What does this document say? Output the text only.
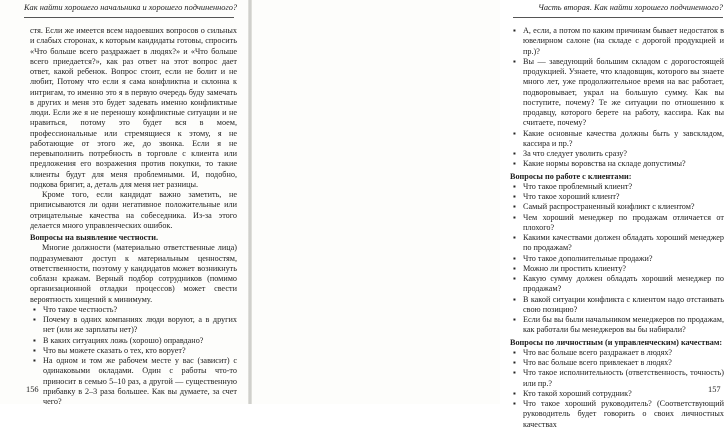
Как найти хорошего начальника и хорошего подчиненного?

стя. Если же имеется всем надоевших вопросов о сильных и слабых сторонах, к которым кандидаты готовы, спросить «Что больше всего раздражает в людях?» и «Что больше всего приедается?», как раз ответ на этот вопрос дает ответ, какой ребенок. Вопрос стоит, если не болит и не любит, Потому что если я сама конфликтна и склонна к интригам, то именно это я в первую очередь буду замечать в других и меня это будет задевать именно конфликтные люди. Если же я не переношу конфликтные ситуации и не нравиться, потому это будет вся в моем, профессиональные или стремящиеся к этому, я не работающие от этого же, до звонка. Если я не перевыполнить потребность в торговле с клиента или предложения его возражения против покупки, то такие клиенты будут для меня проблемными. И, подобно, подкова бригит, а, деталь для меня нет разницы.

Кроме того, если кандидат важно заметить, не приписываются ли одни негативное положительные или отрицательные качества на собеседника. Из-за этого делается много управленческих ошибок.

Вопросы на выявление честности.

Многие должности (материально ответственные лица) подразумевают доступ к материальным ценностям, ответственности, поэтому у кандидатов может возникнуть соблазн кражам. Верный подбор сотрудников (помимо организационной отладки процессов) может свести вероятность хищений к минимуму.

▪ Что такое честность?
▪ Почему в одних компаниях люди воруют, а в других нет (или же зарплаты нет)?
▪ В каких ситуациях ложь (хорошо) оправдано?
▪ Что вы можете сказать о тех, кто ворует?
▪ На одном и том же рабочем месте у вас (зависит) с одинаковыми окладами. Один с работы что‑то приносит в семью 5–10 раз, а другой — существенную прибавку в 2–3 раза большее. Как вы думаете, за счет чего?
156
Часть вторая. Как найти хорошего подчиненного?
▪ А, если, а потом по каким причинам бывает недостаток в ювелирном салоне (на складе с дорогой продукцией и пр.)?
▪ Вы — заведующий большим складом с дорогостоящей продукцией. Узнаете, что кладовщик, которого вы знаете много лет, уже продолжительное время на вас работает, подворовывает, украл на большую сумму. Как вы поступите, почему? Те же ситуации по отношению к продавцу, которого берете на работу, кассира. Как вы считаете, почему?
▪ Какие основные качества должны быть у завскладом, кассира и пр.?
▪ За что следует уволить сразу?
▪ Какие нормы воровства на складе допустимы?
Вопросы по работе с клиентами:
▪ Что такое проблемный клиент?
▪ Что такое хороший клиент?
▪ Самый распространенный конфликт с клиентом?
▪ Чем хороший менеджер по продажам отличается от плохого?
▪ Какими качествами должен обладать хороший менеджер по продажам?
▪ Что такое дополнительные продажи?
▪ Можно ли простить клиенту?
▪ Какую сумму должен обладать хороший менеджер по продажам?
▪ В какой ситуации конфликта с клиентом надо отстаивать свою позицию?
▪ Если бы вы были начальником менеджеров по продажам, как работали бы менеджеров вы бы набирали?
Вопросы по личностным (и управленческим) качествам:
▪ Что вас больше всего раздражает в людях?
▪ Что вас больше всего привлекает в людях?
▪ Что такое исполнительность (ответственность, точность) или пр.?
▪ Кто такой хороший сотрудник?
▪ Что такое хороший руководитель? (Соответствующий руководитель будет говорить о своих личностных качествах
157
